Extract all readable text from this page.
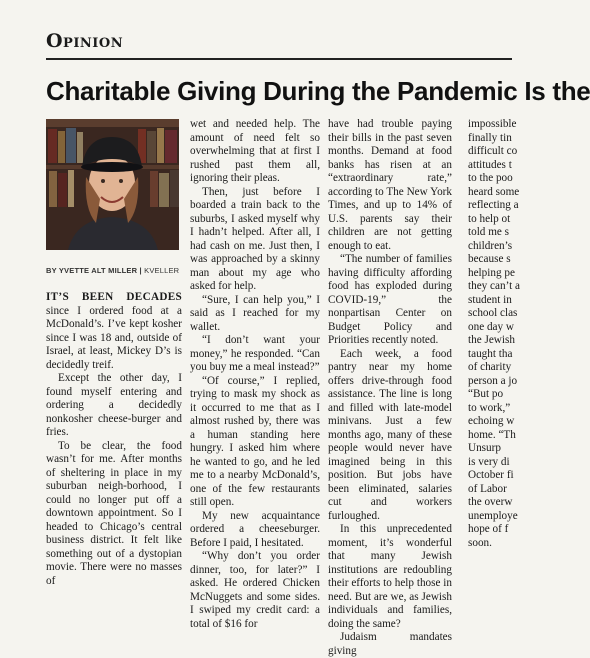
Opinion
Charitable Giving During the Pandemic Is the
BY YVETTE ALT MILLER | KVELLER

IT’S BEEN DECADES since I ordered food at a McDonald’s. I’ve kept kosher since I was 18 and, outside of Israel, at least, Mickey D’s is decidedly treif.

Except the other day, I found myself entering and ordering a decidedly nonkosher cheese-burger and fries.

To be clear, the food wasn’t for me. After months of sheltering in place in my suburban neigh-borhood, I could no longer put off a downtown appointment. So I headed to Chicago’s central business district. It felt like something out of a dystopian movie. There were no masses of

wet and needed help. The amount of need felt so overwhelming that at first I rushed past them all, ignoring their pleas.

Then, just before I boarded a train back to the suburbs, I asked myself why I hadn’t helped. After all, I had cash on me. Just then, I was approached by a skinny man about my age who asked for help.

“Sure, I can help you,” I said as I reached for my wallet.

“I don’t want your money,” he responded. “Can you buy me a meal instead?”

“Of course,” I replied, trying to mask my shock as it occurred to me that as I almost rushed by, there was a human standing here hungry. I asked him where he wanted to go, and he led me to a nearby McDonald’s, one of the few restaurants still open.

My new acquaintance ordered a cheeseburger. Before I paid, I hesitated.

“Why don’t you order dinner, too, for later?” I asked. He ordered Chicken McNuggets and some sides. I swiped my credit card: a total of $16 for

have had trouble paying their bills in the past seven months. Demand at food banks has risen at an “extraordinary rate,” according to The New York Times, and up to 14% of U.S. parents say their children are not getting enough to eat.

“The number of families having difficulty affording food has exploded during COVID-19,” the nonpartisan Center on Budget Policy and Priorities recently noted.

Each week, a food pantry near my home offers drive-through food assistance. The line is long and filled with late-model minivans. Just a few months ago, many of these people would never have imagined being in this position. But jobs have been eliminated, salaries cut and workers furloughed.

In this unprecedented moment, it’s wonderful that many Jewish institutions are redoubling their efforts to help those in need. But are we, as Jewish individuals and families, doing the same?

Judaism mandates giving

impossible

finally tin

difficult co

attitudes t

to the poo

heard some

reflecting a

to help ot

told me s

children’s

because s

helping pe

they can’t a

student in

school clas

one day w

the Jewish

taught tha

of charity

person a jo

“But po

to work,”

echoing w

home. “Th

Unsurp

is very di

October fi

of Labor

the overw

unemploye

hope of f

soon.
